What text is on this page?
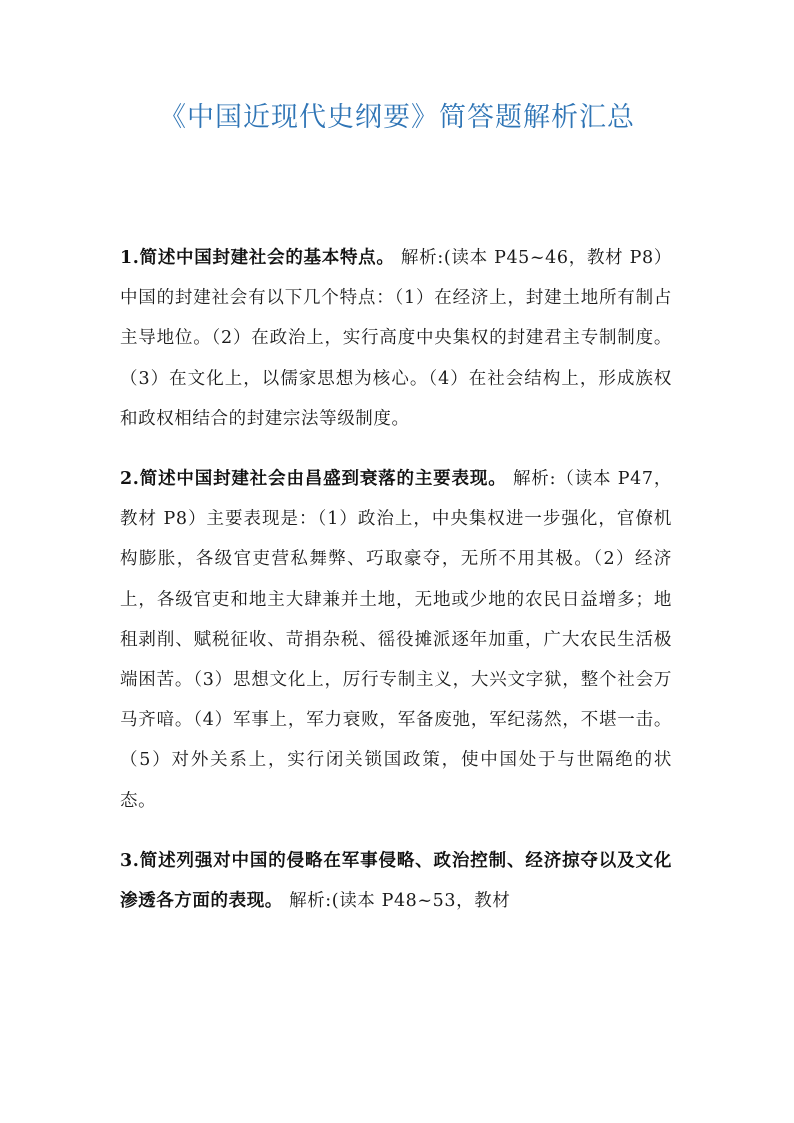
《中国近现代史纲要》简答题解析汇总

1.简述中国封建社会的基本特点。 解析:(读本 P45~46，教材 P8）中国的封建社会有以下几个特点：（1）在经济上，封建土地所有制占主导地位。（2）在政治上，实行高度中央集权的封建君主专制制度。（3）在文化上，以儒家思想为核心。（4）在社会结构上，形成族权和政权相结合的封建宗法等级制度。

2.简述中国封建社会由昌盛到衰落的主要表现。 解析:（读本 P47，教材 P8）主要表现是：（1）政治上，中央集权进一步强化，官僚机构膨胀，各级官吏营私舞弊、巧取豪夺，无所不用其极。（2）经济上，各级官吏和地主大肆兼并土地，无地或少地的农民日益增多；地租剥削、赋税征收、苛捐杂税、徭役摊派逐年加重，广大农民生活极端困苦。（3）思想文化上，厉行专制主义，大兴文字狱，整个社会万马齐喑。（4）军事上，军力衰败，军备废弛，军纪荡然，不堪一击。（5）对外关系上，实行闭关锁国政策，使中国处于与世隔绝的状态。

3.简述列强对中国的侵略在军事侵略、政治控制、经济掠夺以及文化渗透各方面的表现。 解析:(读本 P48~53，教材
